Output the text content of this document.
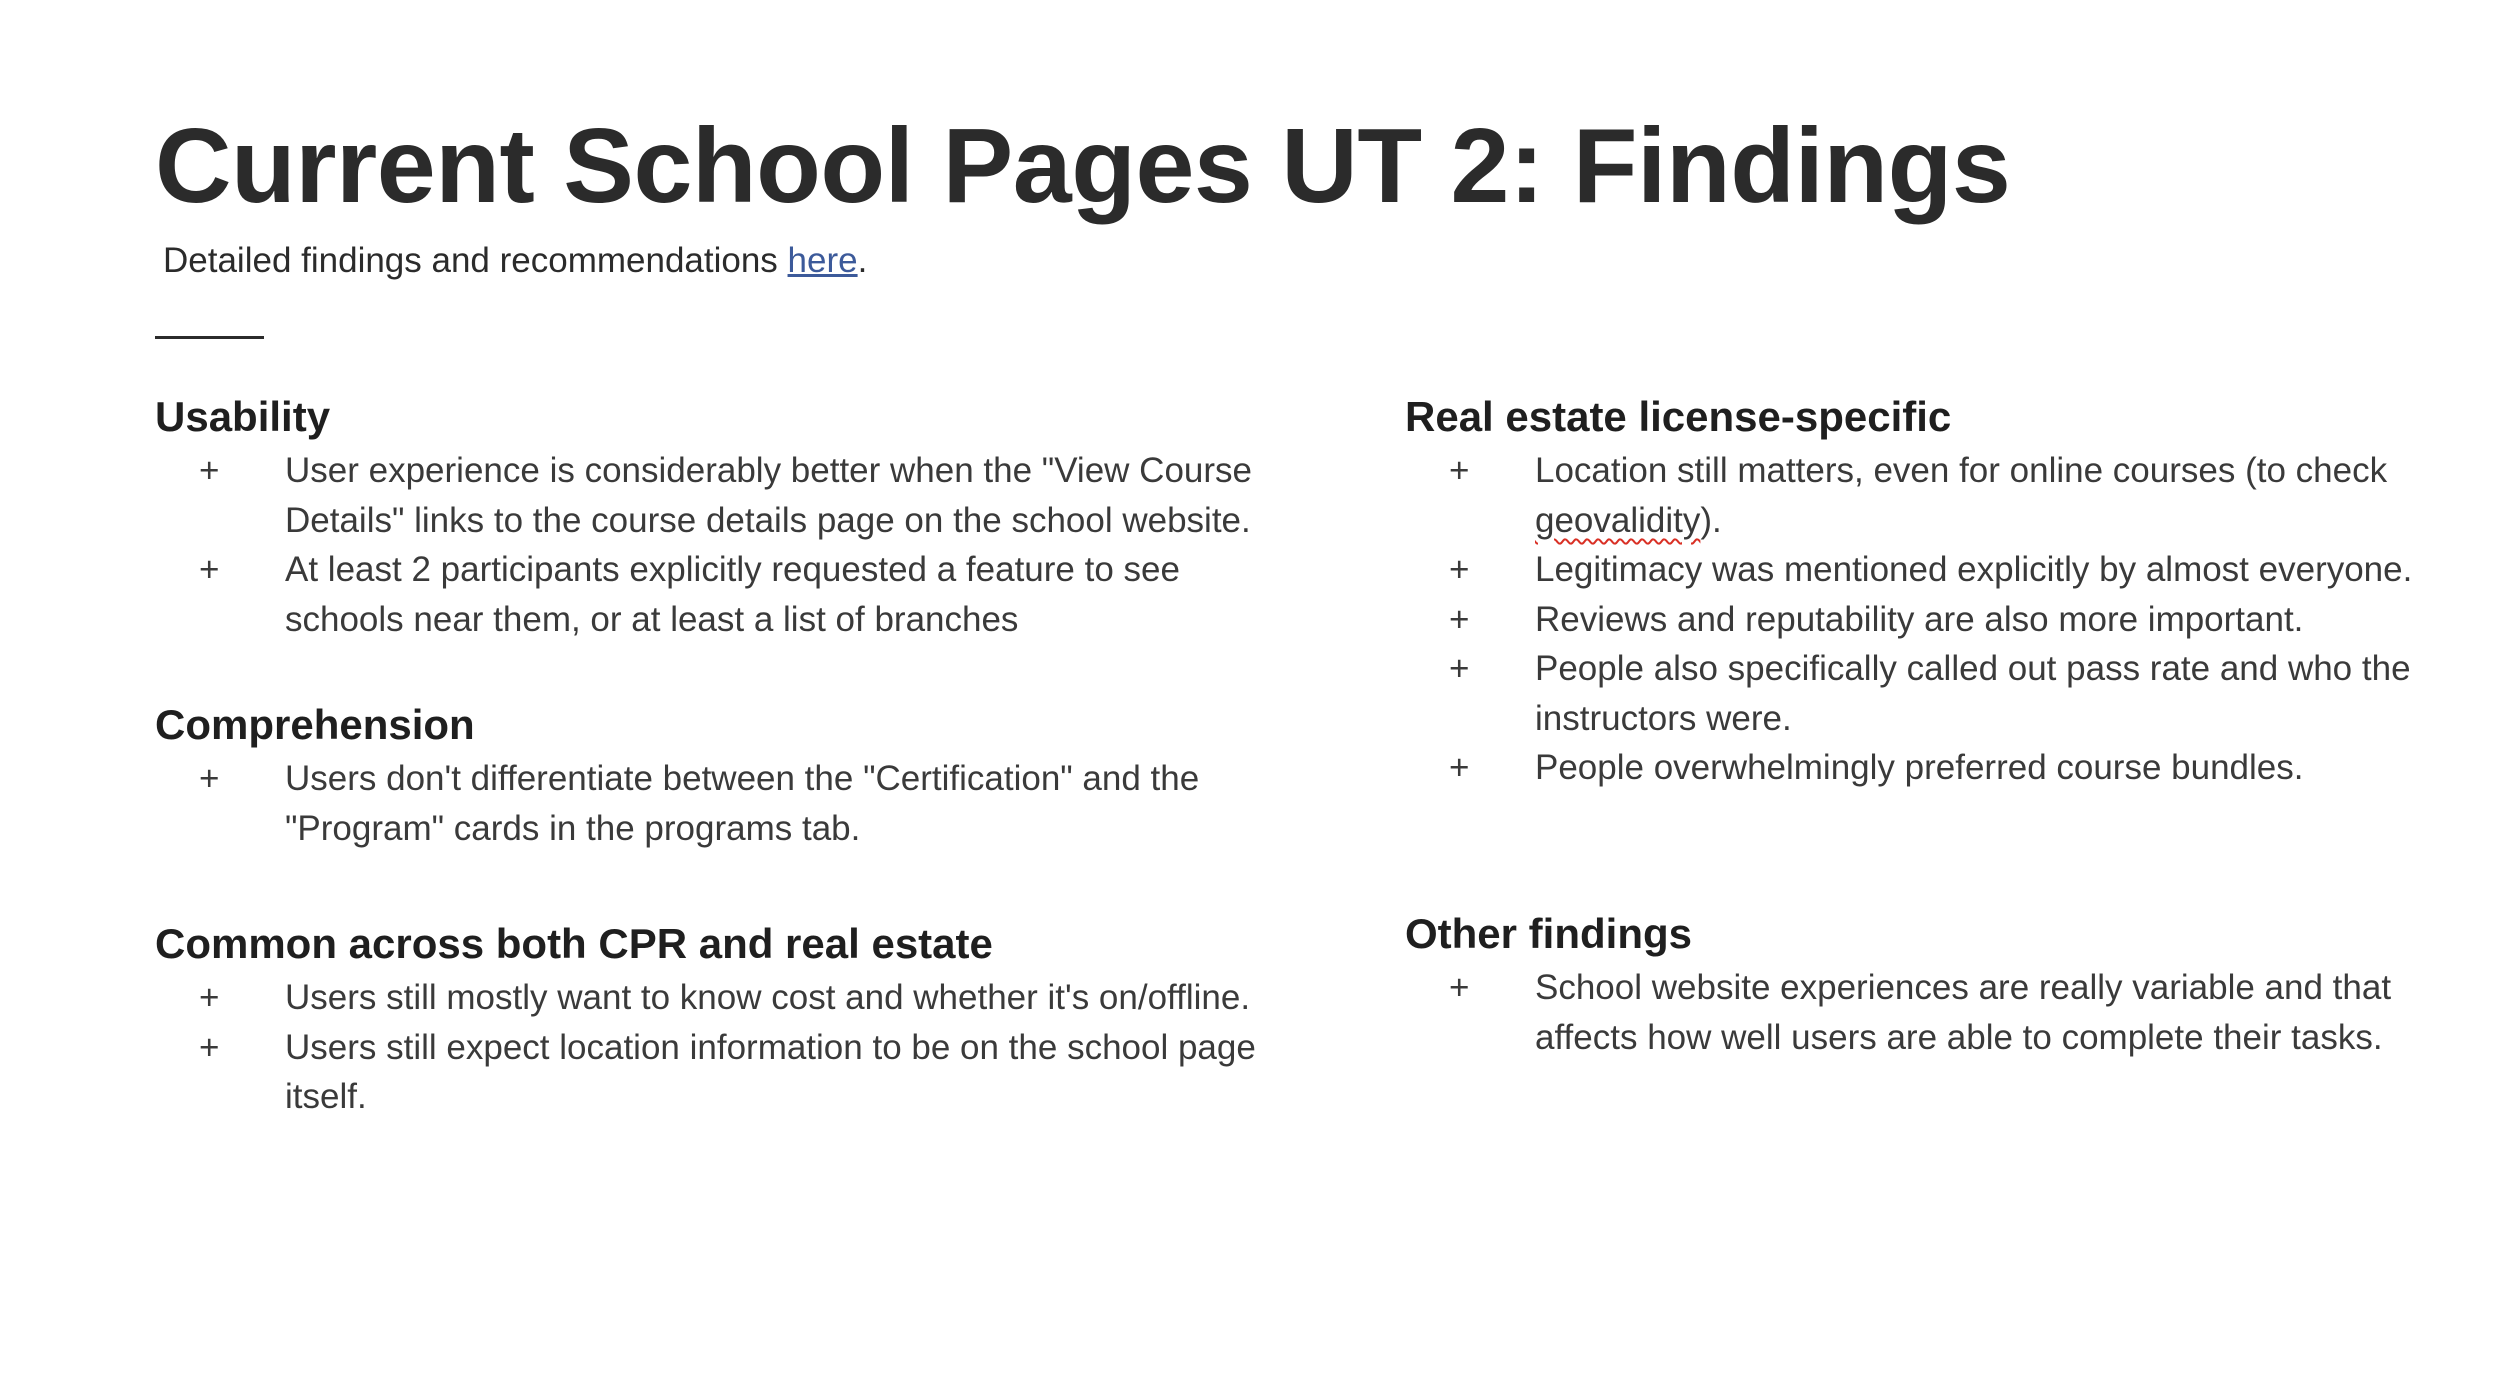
Current School Pages UT 2: Findings
Detailed findings and recommendations here.
Usability
+ User experience is considerably better when the "View Course Details" links to the course details page on the school website.
+ At least 2 participants explicitly requested a feature to see schools near them, or at least a list of branches
Comprehension
+ Users don't differentiate between the "Certification" and the "Program" cards in the programs tab.
Common across both CPR and real estate
+ Users still mostly want to know cost and whether it's on/offline.
+ Users still expect location information to be on the school page itself.
Real estate license-specific
+ Location still matters, even for online courses (to check geovalidity).
+ Legitimacy was mentioned explicitly by almost everyone.
+ Reviews and reputability are also more important.
+ People also specifically called out pass rate and who the instructors were.
+ People overwhelmingly preferred course bundles.
Other findings
+ School website experiences are really variable and that affects how well users are able to complete their tasks.
